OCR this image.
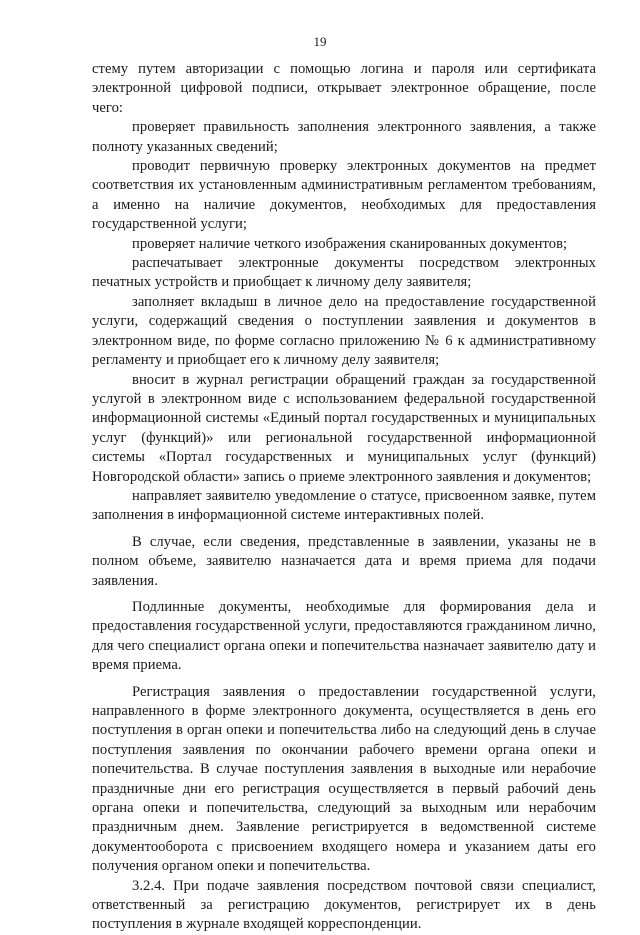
19

стему путем авторизации с помощью логина и пароля или сертификата электронной цифровой подписи, открывает электронное обращение, после чего:

проверяет правильность заполнения электронного заявления, а также полноту указанных сведений;

проводит первичную проверку электронных документов на предмет соответствия их установленным административным регламентом требованиям, а именно на наличие документов, необходимых для предоставления государственной услуги;

проверяет наличие четкого изображения сканированных документов;

распечатывает электронные документы посредством электронных печатных устройств и приобщает к личному делу заявителя;

заполняет вкладыш в личное дело на предоставление государственной услуги, содержащий сведения о поступлении заявления и документов в электронном виде, по форме согласно приложению № 6 к административному регламенту и приобщает его к личному делу заявителя;

вносит в журнал регистрации обращений граждан за государственной услугой в электронном виде с использованием федеральной государственной информационной системы «Единый портал государственных и муниципальных услуг (функций)» или региональной государственной информационной системы «Портал государственных и муниципальных услуг (функций) Новгородской области» запись о приеме электронного заявления и документов;

направляет заявителю уведомление о статусе, присвоенном заявке, путем заполнения в информационной системе интерактивных полей.

В случае, если сведения, представленные в заявлении, указаны не в полном объеме, заявителю назначается дата и время приема для подачи заявления.

Подлинные документы, необходимые для формирования дела и предоставления государственной услуги, предоставляются гражданином лично, для чего специалист органа опеки и попечительства назначает заявителю дату и время приема.

Регистрация заявления о предоставлении государственной услуги, направленного в форме электронного документа, осуществляется в день его поступления в орган опеки и попечительства либо на следующий день в случае поступления заявления по окончании рабочего времени органа опеки и попечительства. В случае поступления заявления в выходные или нерабочие праздничные дни его регистрация осуществляется в первый рабочий день органа опеки и попечительства, следующий за выходным или нерабочим праздничным днем. Заявление регистрируется в ведомственной системе документооборота с присвоением входящего номера и указанием даты его получения органом опеки и попечительства.

3.2.4. При подаче заявления посредством почтовой связи специалист, ответственный за регистрацию документов, регистрирует их в день поступления в журнале входящей корреспонденции.
